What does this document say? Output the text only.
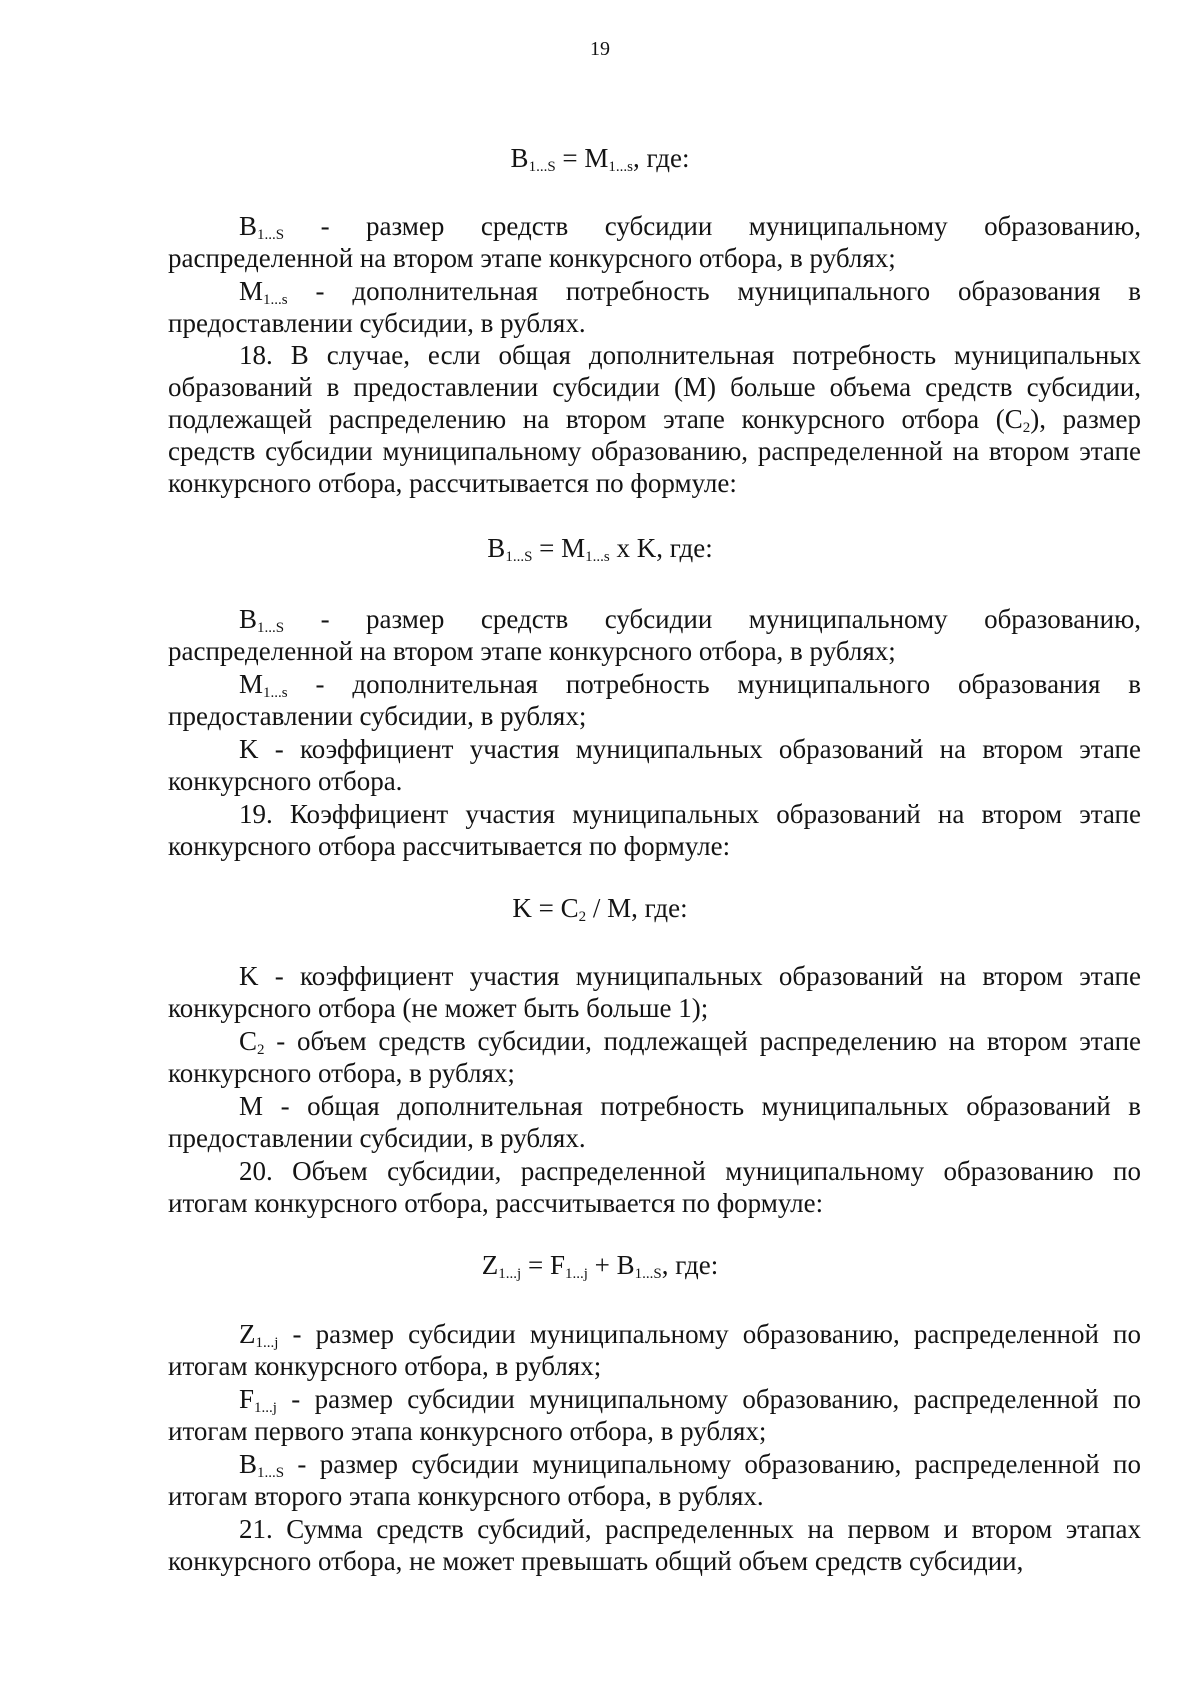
19
$B_{1...S} = M_{1...s}$, где:

$B_{1...S}$ - размер средств субсидии муниципальному образованию, распределенной на втором этапе конкурсного отбора, в рублях;

$M_{1...s}$ - дополнительная потребность муниципального образования в предоставлении субсидии, в рублях.

18. В случае, если общая дополнительная потребность муниципальных образований в предоставлении субсидии (М) больше объема средств субсидии, подлежащей распределению на втором этапе конкурсного отбора $(С_2)$, размер средств субсидии муниципальному образованию, распределенной на втором этапе конкурсного отбора, рассчитывается по формуле:

$B_{1...S} = M_{1...s}$ x K, где:

$B_{1...S}$ - размер средств субсидии муниципальному образованию, распределенной на втором этапе конкурсного отбора, в рублях;

$M_{1...s}$ - дополнительная потребность муниципального образования в предоставлении субсидии, в рублях;

K - коэффициент участия муниципальных образований на втором этапе конкурсного отбора.

19. Коэффициент участия муниципальных образований на втором этапе конкурсного отбора рассчитывается по формуле:

$K = C_2 / M$, где:

K - коэффициент участия муниципальных образований на втором этапе конкурсного отбора (не может быть больше 1);

$C_2$ - объем средств субсидии, подлежащей распределению на втором этапе конкурсного отбора, в рублях;

M - общая дополнительная потребность муниципальных образований в предоставлении субсидии, в рублях.

20. Объем субсидии, распределенной муниципальному образованию по итогам конкурсного отбора, рассчитывается по формуле:

$Z_{1...j} = F_{1...j} + B_{1...S}$, где:

$Z_{1...j}$ - размер субсидии муниципальному образованию, распределенной по итогам конкурсного отбора, в рублях;

$F_{1...j}$ - размер субсидии муниципальному образованию, распределенной по итогам первого этапа конкурсного отбора, в рублях;

$B_{1...S}$ - размер субсидии муниципальному образованию, распределенной по итогам второго этапа конкурсного отбора, в рублях.

21. Сумма средств субсидий, распределенных на первом и втором этапах конкурсного отбора, не может превышать общий объем средств субсидии,
